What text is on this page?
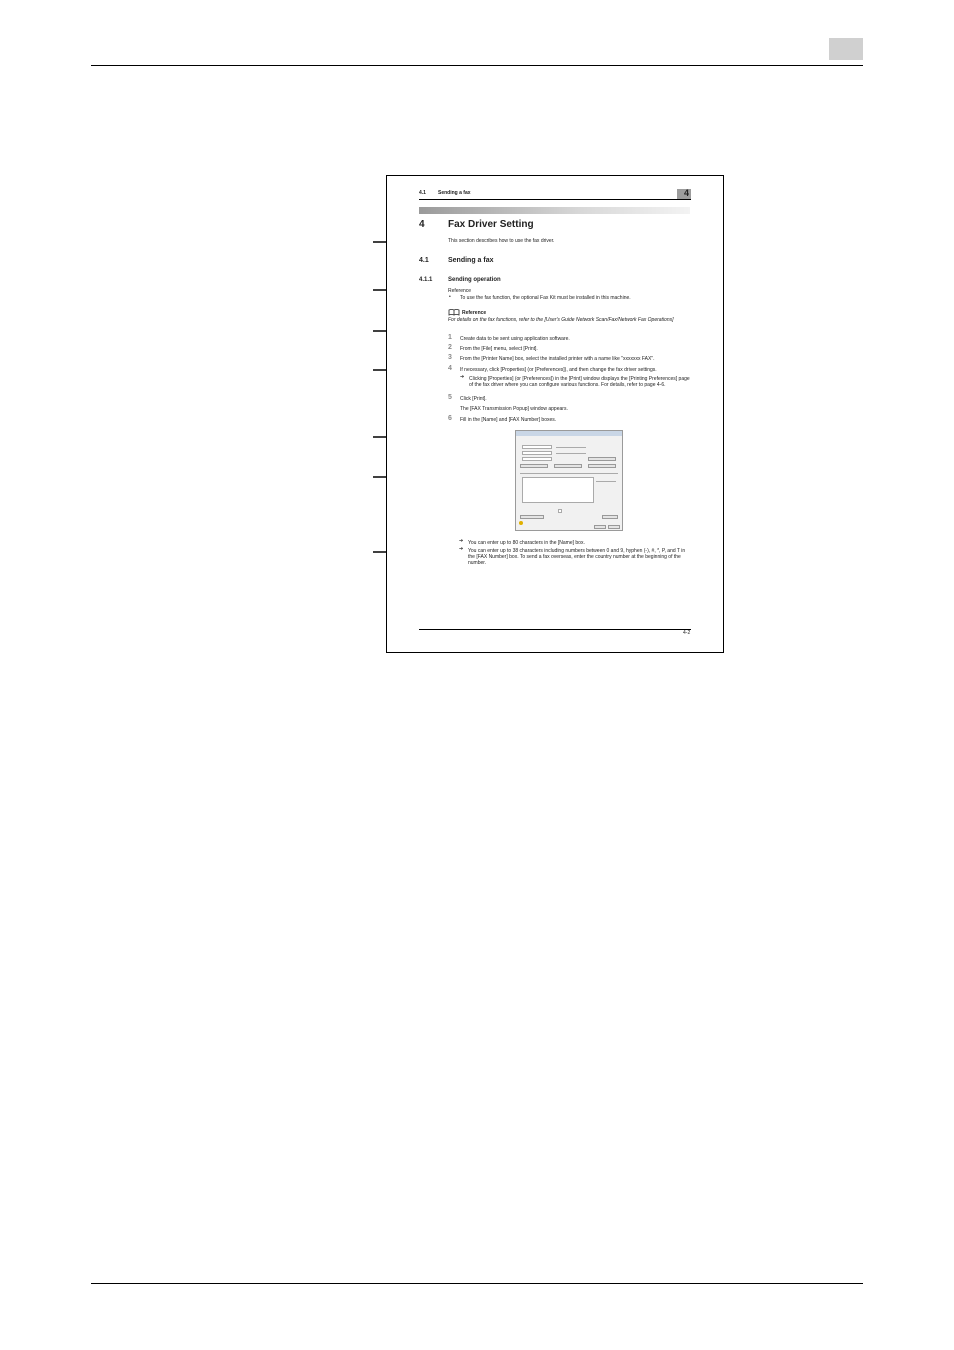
4.1 Sending a fax	4
4 Fax Driver Setting
This section describes how to use the fax driver.
4.1	Sending a fax
4.1.1	Sending operation
Reference
• To use the fax function, the optional Fax Kit must be installed in this machine.
Reference
For details on the fax functions, refer to the [User's Guide Network Scan/Fax/Network Fax Operations]
1 Create data to be sent using application software.
2 From the [File] menu, select [Print].
3 From the [Printer Name] box, select the installed printer with a name like "xxxxxxx FAX".
4 If necessary, click [Properties] (or [Preferences]), and then change the fax driver settings.
➔ Clicking [Properties] (or [Preferences]) in the [Print] window displays the [Printing Preferences] page
of the fax driver where you can configure various functions. For details, refer to page 4-6.
5 Click [Print].
The [FAX Transmission Popup] window appears.
6 Fill in the [Name] and [FAX Number] boxes.
➔ You can enter up to 80 characters in the [Name] box.
➔ You can enter up to 38 characters including numbers between 0 and 9, hyphen (-), #, *, P, and T in
the [FAX Number] box. To send a fax overseas, enter the country number at the beginning of the
number.
4-2
